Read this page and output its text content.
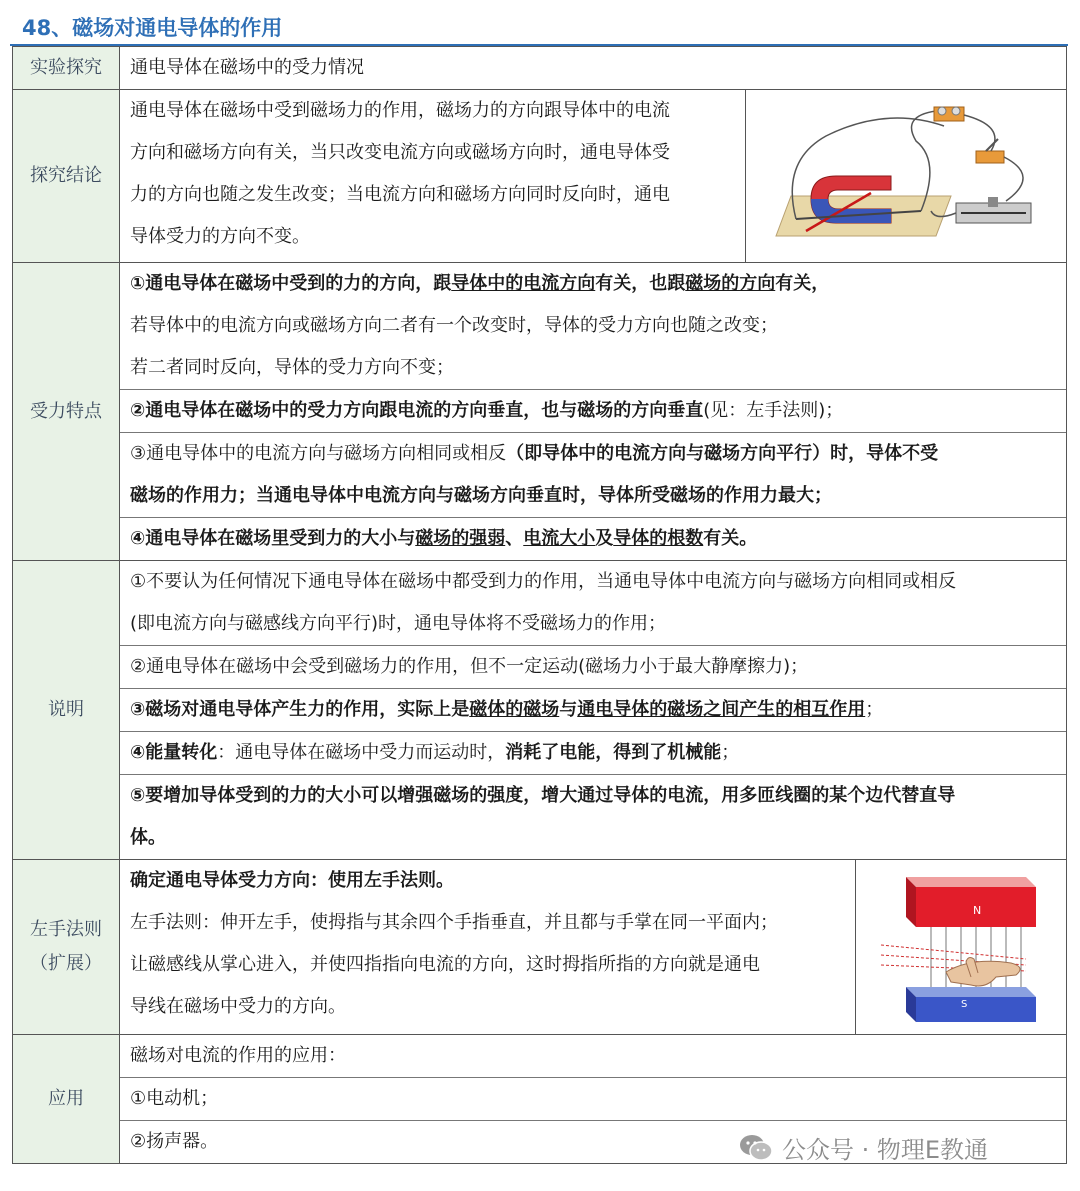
48、磁场对通电导体的作用
实验探究	通电导体在磁场中的受力情况
探究结论
通电导体在磁场中受到磁场力的作用，磁场力的方向跟导体中的电流
方向和磁场方向有关，当只改变电流方向或磁场方向时，通电导体受
力的方向也随之发生改变；当电流方向和磁场方向同时反向时，通电
导体受力的方向不变。
受力特点
①通电导体在磁场中受到的力的方向，跟导体中的电流方向有关，也跟磁场的方向有关，
若导体中的电流方向或磁场方向二者有一个改变时，导体的受力方向也随之改变；
若二者同时反向，导体的受力方向不变；
②通电导体在磁场中的受力方向跟电流的方向垂直，也与磁场的方向垂直(见：左手法则)；
③通电导体中的电流方向与磁场方向相同或相反（即导体中的电流方向与磁场方向平行）时，导体不受
磁场的作用力；当通电导体中电流方向与磁场方向垂直时，导体所受磁场的作用力最大；
④通电导体在磁场里受到力的大小与磁场的强弱、电流大小及导体的根数有关。
说明
①不要认为任何情况下通电导体在磁场中都受到力的作用，当通电导体中电流方向与磁场方向相同或相反
(即电流方向与磁感线方向平行)时，通电导体将不受磁场力的作用；
②通电导体在磁场中会受到磁场力的作用，但不一定运动(磁场力小于最大静摩擦力)；
③磁场对通电导体产生力的作用，实际上是磁体的磁场与通电导体的磁场之间产生的相互作用；
④能量转化：通电导体在磁场中受力而运动时，消耗了电能，得到了机械能；
⑤要增加导体受到的力的大小可以增强磁场的强度，增大通过导体的电流，用多匝线圈的某个边代替直导
体。
左手法则
（扩展）
确定通电导体受力方向：使用左手法则。
左手法则：伸开左手，使拇指与其余四个手指垂直，并且都与手掌在同一平面内；
让磁感线从掌心进入，并使四指指向电流的方向，这时拇指所指的方向就是通电
导线在磁场中受力的方向。
N
S
应用
磁场对电流的作用的应用：
①电动机；
②扬声器。	公众号 · 物理E教通
